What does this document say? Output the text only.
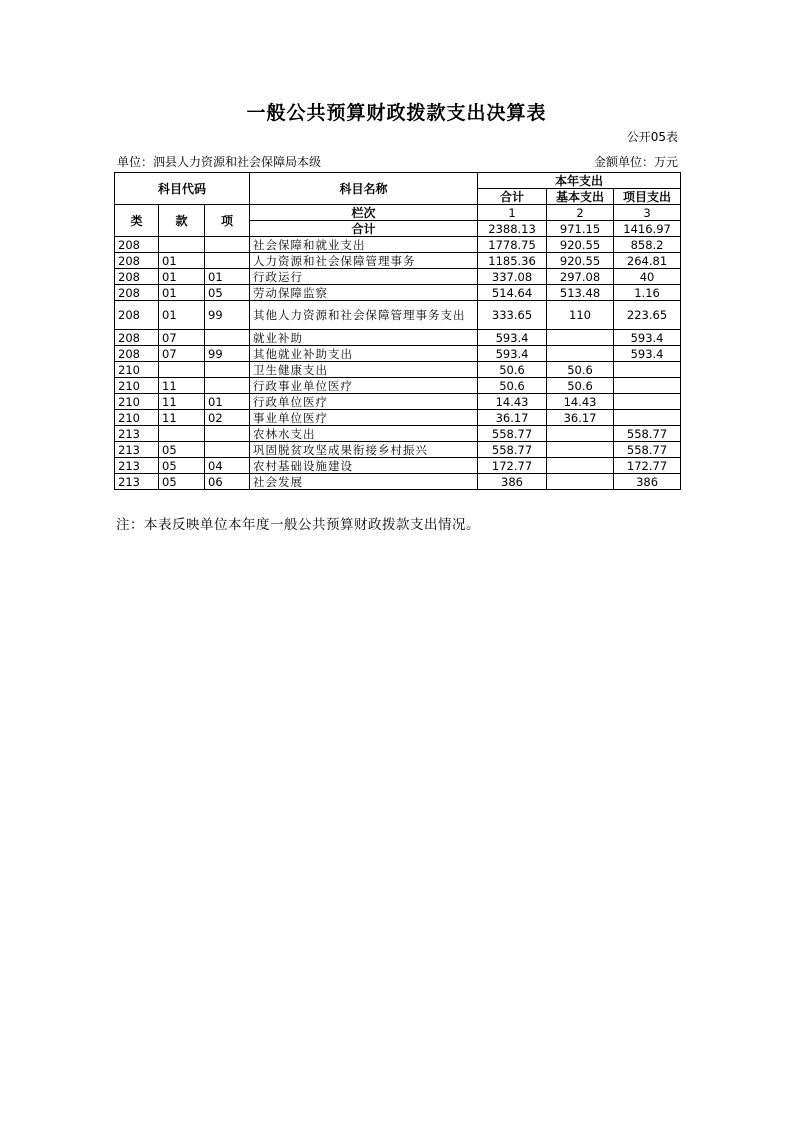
一般公共预算财政拨款支出决算表
公开05表
单位：泗县人力资源和社会保障局本级	金额单位：万元
科目代码			科目名称	本年支出		
				合计	基本支出	项目支出
类	款	项	栏次	1	2	3
			合计	2388.13	971.15	1416.97
208			社会保障和就业支出	1778.75	920.55	858.2
208	01		人力资源和社会保障管理事务	1185.36	920.55	264.81
208	01	01	行政运行	337.08	297.08	40
208	01	05	劳动保障监察	514.64	513.48	1.16
208	01	99	其他人力资源和社会保障管理事务支出	333.65	110	223.65
208	07		就业补助	593.4		593.4
208	07	99	其他就业补助支出	593.4		593.4
210			卫生健康支出	50.6	50.6	
210	11		行政事业单位医疗	50.6	50.6	
210	11	01	行政单位医疗	14.43	14.43	
210	11	02	事业单位医疗	36.17	36.17	
213			农林水支出	558.77		558.77
213	05		巩固脱贫攻坚成果衔接乡村振兴	558.77		558.77
213	05	04	农村基础设施建设	172.77		172.77
213	05	06	社会发展	386		386
注：本表反映单位本年度一般公共预算财政拨款支出情况。
